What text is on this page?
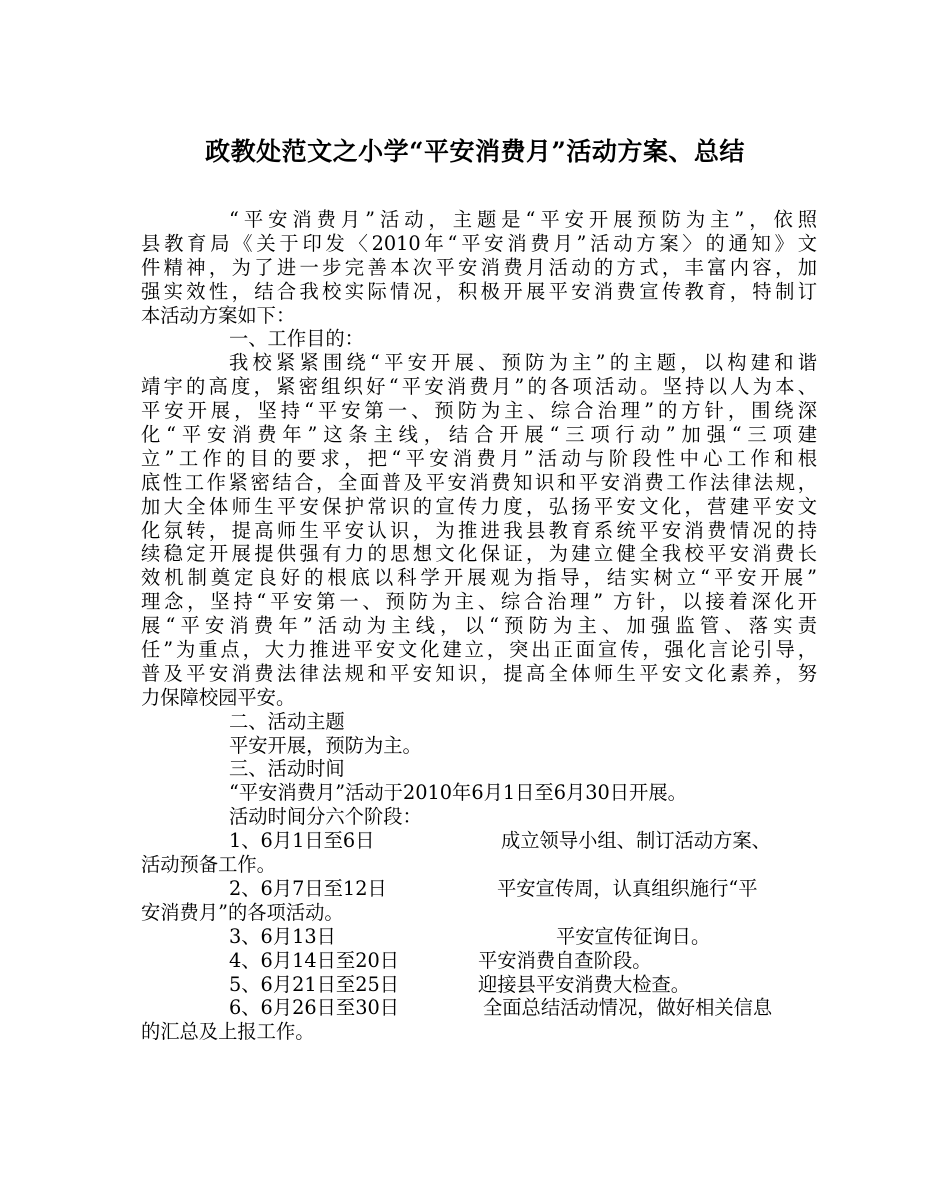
政教处范文之小学“平安消费月”活动方案、总结
“平安消费月”活动，主题是“平安开展预防为主”，依照
县教育局《关于印发〈2010年“平安消费月”活动方案〉的通知》文
件精神，为了进一步完善本次平安消费月活动的方式，丰富内容，加
强实效性，结合我校实际情况，积极开展平安消费宣传教育，特制订
本活动方案如下：
一、工作目的：
我校紧紧围绕“平安开展、预防为主”的主题，以构建和谐
靖宇的高度，紧密组织好“平安消费月”的各项活动。坚持以人为本、
平安开展，坚持“平安第一、预防为主、综合治理”的方针，围绕深
化“平安消费年”这条主线，结合开展“三项行动”加强“三项建
立”工作的目的要求，把“平安消费月”活动与阶段性中心工作和根
底性工作紧密结合，全面普及平安消费知识和平安消费工作法律法规，
加大全体师生平安保护常识的宣传力度，弘扬平安文化，营建平安文
化氛转，提高师生平安认识，为推进我县教育系统平安消费情况的持
续稳定开展提供强有力的思想文化保证，为建立健全我校平安消费长
效机制奠定良好的根底以科学开展观为指导，结实树立“平安开展”
理念，坚持“平安第一、预防为主、综合治理” 方针，以接着深化开
展“平安消费年”活动为主线，以“预防为主、加强监管、落实责
任”为重点，大力推进平安文化建立，突出正面宣传，强化言论引导，
普及平安消费法律法规和平安知识，提高全体师生平安文化素养，努
力保障校园平安。
二、活动主题
平安开展，预防为主。
三、活动时间
“平安消费月”活动于2010年6月1日至6月30日开展。
活动时间分六个阶段：
1、6月1日至6日	成立领导小组、制订活动方案、
活动预备工作。
2、6月7日至12日	平安宣传周，认真组织施行“平
安消费月”的各项活动。
3、6月13日	平安宣传征询日。
4、6月14日至20日	平安消费自查阶段。
5、6月21日至25日	迎接县平安消费大检查。
6、6月26日至30日	全面总结活动情况，做好相关信息
的汇总及上报工作。
